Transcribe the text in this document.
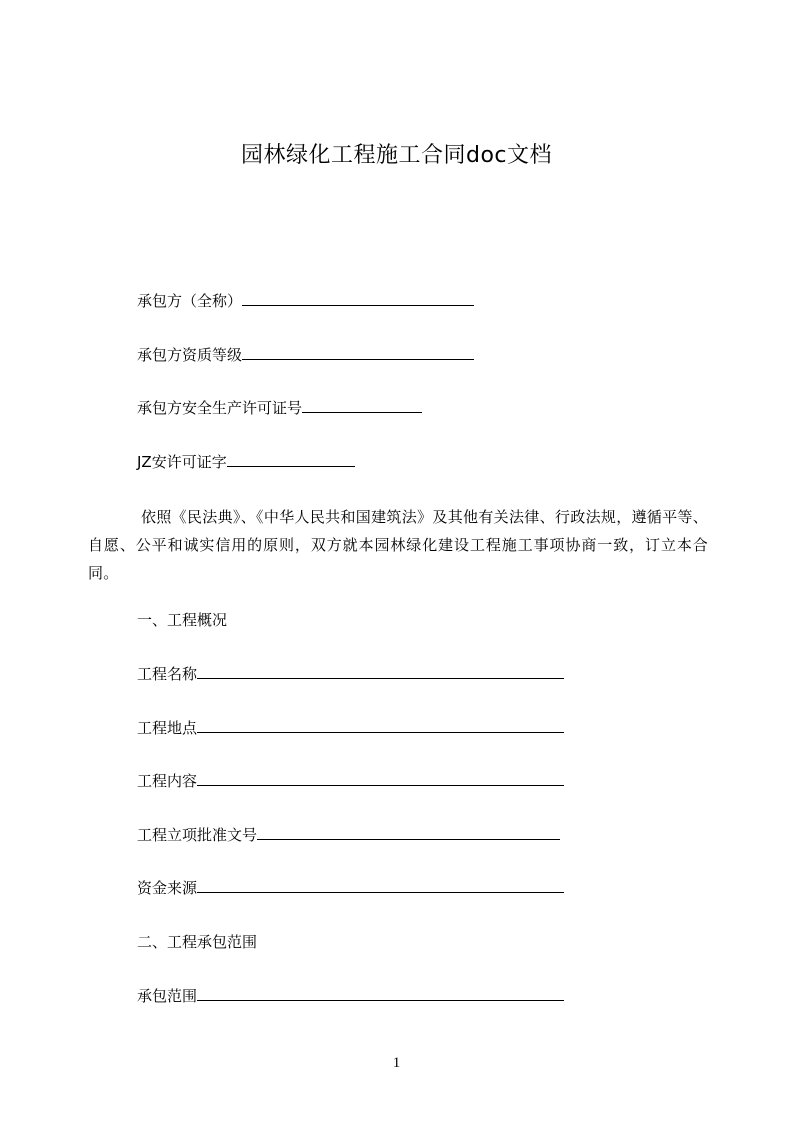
园林绿化工程施工合同doc文档
承包方（全称）
承包方资质等级
承包方安全生产许可证号
JZ安许可证字
依照《民法典》、《中华人民共和国建筑法》及其他有关法律、行政法规，遵循平等、自愿、公平和诚实信用的原则，双方就本园林绿化建设工程施工事项协商一致，订立本合同。
一、工程概况
工程名称
工程地点
工程内容
工程立项批准文号
资金来源
二、工程承包范围
承包范围
1
